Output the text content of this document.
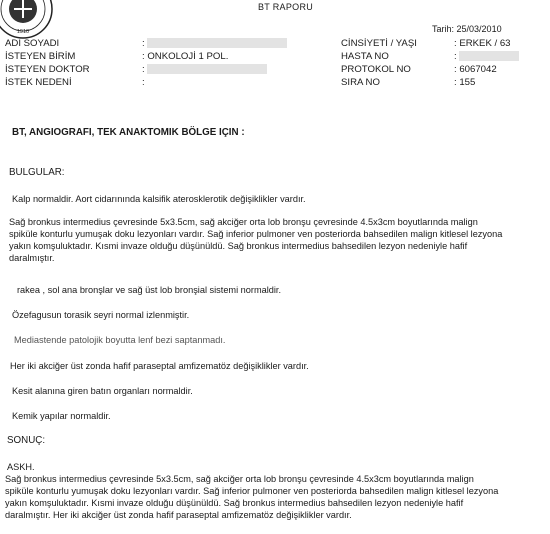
1910
BT RAPORU
Tarih: 25/03/2010
ADI SOYADI	:	CİNSİYETİ / YAŞI	: ERKEK / 63
İSTEYEN BİRİM	: ONKOLOJİ 1 POL.	HASTA NO	:
İSTEYEN DOKTOR	:	PROTOKOL NO	: 6067042
İSTEK NEDENİ	:	SIRA NO	: 155

BT, ANGIOGRAFI, TEK ANAKTOMIK BÖLGE IÇIN :

BULGULAR:

Kalp normaldir. Aort cidarınında kalsifik aterosklerotik değişiklikler vardır.

Sağ bronkus intermedius çevresinde 5x3.5cm, sağ akciğer orta lob bronşu çevresinde 4.5x3cm boyutlarında malign

spiküle konturlu yumuşak doku lezyonları vardır. Sağ inferior pulmoner ven posteriorda bahsedilen malign kitlesel lezyona

yakın komşuluktadır. Kısmi invaze olduğu düşünüldü. Sağ bronkus intermedius bahsedilen lezyon nedeniyle hafif

daralmıştır.

rakea , sol ana bronşlar ve sağ üst lob bronşial sistemi normaldir.

Özefagusun torasik seyri normal izlenmiştir.

Mediastende patolojik boyutta lenf bezi saptanmadı.

Her iki akciğer üst zonda hafif paraseptal amfizematöz değişiklikler vardır.

Kesit alanına giren batın organları normaldir.

Kemik yapılar normaldir.

SONUÇ:

ASKH.

Sağ bronkus intermedius çevresinde 5x3.5cm, sağ akciğer orta lob bronşu çevresinde 4.5x3cm boyutlarında malign

spiküle konturlu yumuşak doku lezyonları vardır. Sağ inferior pulmoner ven posteriorda bahsedilen malign kitlesel lezyona

yakın komşuluktadır. Kısmi invaze olduğu düşünüldü. Sağ bronkus intermedius bahsedilen lezyon nedeniyle hafif

daralmıştır. Her iki akciğer üst zonda hafif paraseptal amfizematöz değişiklikler vardır.
